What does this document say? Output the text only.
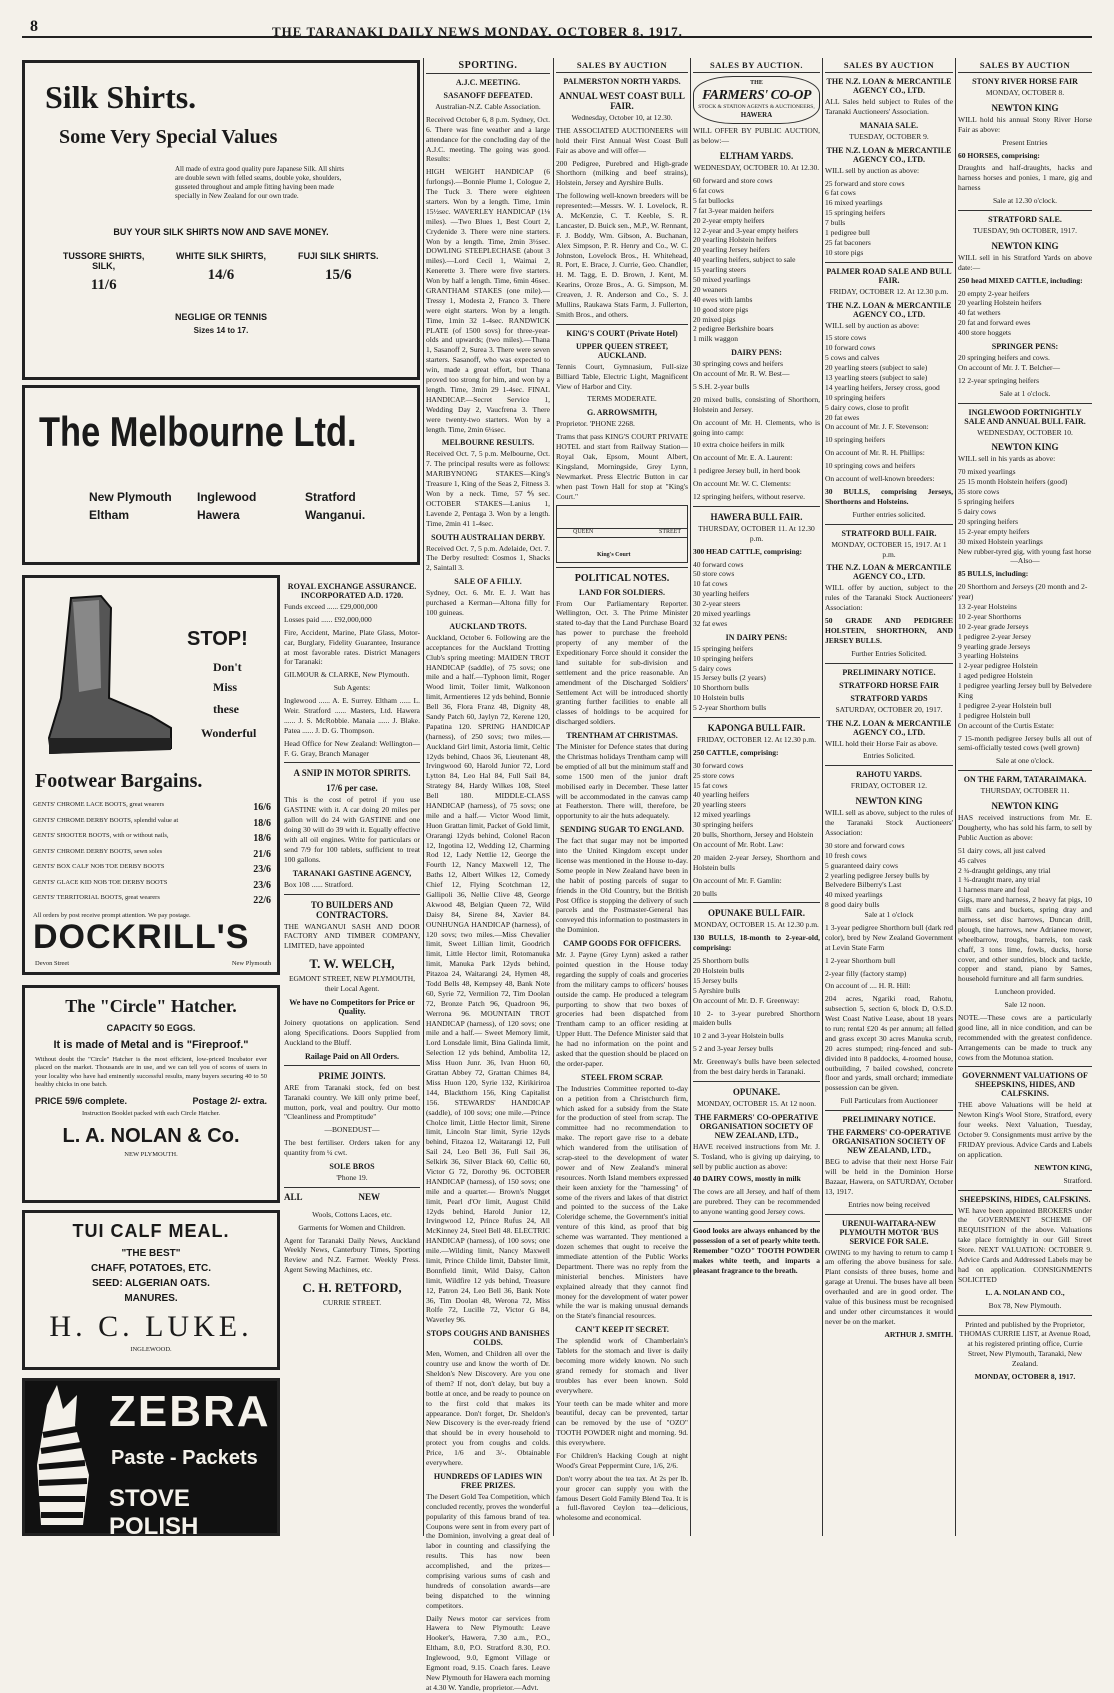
8	THE TARANAKI DAILY NEWS MONDAY, OCTOBER 8, 1917.
Silk Shirts.
Some Very Special Values
All made of extra good quality pure Japanese Silk. All shirts are double sewn with felled seams, double yoke, shoulders, gusseted throughout and ample fitting having been made specially in New Zealand for our own trade.
BUY YOUR SILK SHIRTS NOW AND SAVE MONEY.
TUSSORE SHIRTS, SILK,
11/6
WHITE SILK SHIRTS,
14/6
FUJI SILK SHIRTS.
15/6
NEGLIGE OR TENNIS
Sizes 14 to 17.
The Melbourne Ltd.
New Plymouth	Inglewood	Stratford
Eltham	Hawera	Wanganui.
STOP!
Don't
Miss
these
Wonderful
Footwear Bargains.
GENTS' CHROME LACE BOOTS, great wearers	16/6
GENTS' CHROME DERBY BOOTS, splendid value at	18/6
GENTS' SHOOTER BOOTS, with or without nails,	18/6
GENTS' CHROME DERBY BOOTS, sewn soles	21/6
GENTS' BOX CALF NOB TOE DERBY BOOTS	23/6
GENTS' GLACE KID NOB TOE DERBY BOOTS	23/6
GENTS' TERRITORIAL BOOTS, great wearers	22/6
All orders by post receive prompt attention. We pay postage.
DOCKRILL'S
Devon Street	New Plymouth
The "Circle" Hatcher.
CAPACITY 50 EGGS.
It is made of Metal and is "Fireproof."
Without doubt the "Circle" Hatcher is the most efficient, low-priced Incubator ever placed on the market. Thousands are in use, and we can tell you of scores of users in your locality who have had eminently successful results, many buyers securing 40 to 50 healthy chicks in one batch.
PRICE 59/6 complete.	Postage 2/- extra.
Instruction Booklet packed with each Circle Hatcher.
L. A. NOLAN & Co.
NEW PLYMOUTH.
TUI CALF MEAL.
"THE BEST"
CHAFF, POTATOES, ETC.
SEED: ALGERIAN OATS.
MANURES.
H. C. LUKE.
INGLEWOOD.
ZEBRA
Paste - Packets
STOVE POLISH
ROYAL EXCHANGE ASSURANCE. INCORPORATED A.D. 1720.

Funds exceed ...... £29,000,000

Losses paid ...... £92,000,000

Fire, Accident, Marine, Plate Glass, Motor-car, Burglary, Fidelity Guarantee, Insurance at most favorable rates. District Managers for Taranaki:

GILMOUR & CLARKE, New Plymouth.

Sub Agents:

Inglewood ...... A. E. Surrey. Eltham ...... L. Weir. Stratford ...... Masters, Ltd. Hawera ...... J. S. McRobbie. Manaia ...... J. Blake. Patea ...... J. D. G. Thompson.

Head Office for New Zealand: Wellington—F. G. Gray, Branch Manager

A SNIP IN MOTOR SPIRITS.
17/6 per case.

This is the cost of petrol if you use GASTINE with it. A car doing 20 miles per gallon will do 24 with GASTINE and one doing 30 will do 39 with it. Equally effective with all oil engines. Write for particulars or send 7/9 for 100 tablets, sufficient to treat 100 gallons.

TARANAKI GASTINE AGENCY,

Box 108 ...... Stratford.

TO BUILDERS AND CONTRACTORS.

THE WANGANUI SASH AND DOOR FACTORY AND TIMBER COMPANY, LIMITED, have appointed

T. W. WELCH,

EGMONT STREET, NEW PLYMOUTH, their Local Agent.

We have no Competitors for Price or Quality.

Joinery quotations on application. Send along Specifications. Doors Supplied from Auckland to the Bluff.

Railage Paid on All Orders.
PRIME JOINTS.

ARE from Taranaki stock, fed on best Taranaki country. We kill only prime beef, mutton, pork, veal and poultry. Our motto "Cleanliness and Promptitude"

—BONEDUST—

The best fertiliser. Orders taken for any quantity from ¼ cwt.

SOLE BROS

'Phone 19.

ALL	NEW

Wools, Cottons Laces, etc.

Garments for Women and Children.

Agent for Taranaki Daily News, Auckland Weekly News, Canterbury Times, Sporting Review and N.Z. Farmer. Weekly Press. Agent Sewing Machines, etc.

C. H. RETFORD,

CURRIE STREET.

SPORTING.
A.J.C. MEETING.
SASANOFF DEFEATED.

Australian-N.Z. Cable Association.

Received October 6, 8 p.m. Sydney, Oct. 6. There was fine weather and a large attendance for the concluding day of the A.J.C. meeting. The going was good. Results:

HIGH WEIGHT HANDICAP (6 furlongs).—Bonnie Plume 1, Cologue 2, The Tuck 3. There were eighteen starters. Won by a length. Time, 1min 15½sec. WAVERLEY HANDICAP (1⅛ miles). —Two Blues 1, Best Court 2, Crydenide 3. There were nine starters. Won by a length. Time, 2min 3½sec. DOWLING STEEPLECHASE (about 3 miles).—Lord Cecil 1, Waimai 2, Kenerette 3. There were five starters. Won by half a length. Time, 6min 46sec. GRANTHAM STAKES (one mile).— Tressy 1, Modesta 2, Franco 3. There were eight starters. Won by a length. Time, 1min 32 1-4sec. RANDWICK PLATE (of 1500 sovs) for three-year-olds and upwards; (two miles).—Thana 1, Sasanoff 2, Surea 3. There were seven starters. Sasanoff, who was expected to win, made a great effort, but Thana proved too strong for him, and won by a length. Time, 3min 29 1-4sec. FINAL HANDICAP.—Secret Service 1, Wedding Day 2, Vaucfrena 3. There were twenty-two starters. Won by a length. Time, 2min 6¼sec.

MELBOURNE RESULTS.

Received Oct. 7, 5 p.m. Melbourne, Oct. 7. The principal results were as follows: MARIBYNONG STAKES—King's Treasure 1, King of the Seas 2, Fitness 3. Won by a neck. Time, 57⅘sec. OCTOBER STAKES—Lanius 1, Lavende 2, Pentaga 3. Won by a length. Time, 2min 41 1-4sec.

SOUTH AUSTRALIAN DERBY.

Received Oct. 7, 5 p.m. Adelaide, Oct. 7. The Derby resulted: Cosmos 1, Shacks 2, Saintall 3.

SALE OF A FILLY.

Sydney, Oct. 6. Mr. E. J. Watt has purchased a Kerman—Altona filly for 100 guineas.

AUCKLAND TROTS.

Auckland, October 6. Following are the acceptances for the Auckland Trotting Club's spring meeting: MAIDEN TROT HANDICAP (saddle), of 75 sovs; one mile and a half.—Typhoon limit, Roger Wood limit, Toiler limit, Walkonoon limit, Armentieres 12 yds behind, Bonnie Bell 36, Flora Franz 48, Dignity 48, Sandy Patch 60, Jaylyn 72, Kerene 120, Papatina 120. SPRING HANDICAP (harness), of 250 sovs; two miles.—Auckland Girl limit, Astoria limit, Celtic 12yds behind, Chaos 36, Lieutenant 48, Irvingwood 60, Harold Junior 72, Lord Lytton 84, Leo Hal 84, Full Sail 84, Strategy 84, Hardy Wilkes 108, Steel Bell 180. MIDDLE-CLASS HANDICAP (harness), of 75 sovs; one mile and a half.— Victor Wood limit, Huon Grattan limit, Packet of Gold limit, Orarangi 12yds behind, Colonel Racon 12, Ingotina 12, Wedding 12, Charming Rod 12, Lady Nettlie 12, George the Fourth 12, Nancy Maxwell 12, The Baths 12, Albert Wilkes 12, Comedy Chief 12, Flying Scotchman 12, Gallipoli 36, Nellie Clive 48, George Akwood 48, Belgian Queen 72, Wild Daisy 84, Sirene 84, Xavier 84. OUNHUNGA HANDICAP (harness), of 120 sovs; two miles.—Miss Chevalier limit, Sweet Lillian limit, Goodrich limit, Little Hector limit, Rotomanuka limit, Manuka Park 12yds behind, Pitazoa 24, Waitarangi 24, Hymen 48, Todd Bells 48, Kempsey 48, Bank Note 60, Syrie 72, Vermilion 72, Tim Doolan 72, Bronze Patch 96, Quadroon 96, Werrona 96. MOUNTAIN TROT HANDICAP (harness), of 120 sovs; one mile and a half.— Sweet Memory limit, Lord Lonsdale limit, Bina Galinda limit, Selection 12 yds behind, Ambolita 12, Miss Huon Junr. 36, Ivan Huon 60, Grattan Abbey 72, Grattan Chimes 84, Miss Huon 120, Syrie 132, Kirikiriroa 144, Blackthorn 156, King Capitalist 156. STEWARDS' HANDICAP (saddle), of 100 sovs; one mile.—Prince Cholce limit, Little Hector limit, Sirene limit, Lincoln Star limit, Syrie 12yds behind, Fitazoa 12, Waitarangi 12, Full Sail 24, Leo Bell 36, Full Sail 36, Selkirk 36, Silver Black 60, Cellic 60, Victor G 72, Dorothy 96. OCTOBER HANDICAP (harness), of 150 sovs; one mile and a quarter.— Brown's Nugget limit, Pearl d'Or limit, August Child 12yds behind, Harold Junior 12, Irvingwood 12, Prince Rufus 24, All McKinney 24, Steel Bell 48. ELECTRIC HANDICAP (harness), of 100 sovs; one mile.—Wilding limit, Nancy Maxwell limit, Prince Childe limit, Dabster limit, Bonnfield limit, Wild Daisy, Calton limit, Wildfire 12 yds behind, Treasure 12, Patron 24, Leo Bell 36, Bank Note 36, Tim Doolan 48, Werona 72, Miss Rolfe 72, Lucille 72, Victor G 84, Waverley 96.

STOPS COUGHS AND BANISHES COLDS.

Men, Women, and Children all over the country use and know the worth of Dr. Sheldon's New Discovery. Are you one of them? If not, don't delay, but buy a bottle at once, and be ready to pounce on to the first cold that makes its appearance. Don't forget, Dr. Sheldon's New Discovery is the ever-ready friend that should be in every household to protect you from coughs and colds. Price, 1/6 and 3/-. Obtainable everywhere.

HUNDREDS OF LADIES WIN FREE PRIZES.

The Desert Gold Tea Competition, which concluded recently, proves the wonderful popularity of this famous brand of tea. Coupons were sent in from every part of the Dominion, involving a great deal of labor in counting and classifying the results. This has now been accomplished, and the prizes—comprising various sums of cash and hundreds of consolation awards—are being dispatched to the winning competitors.

Daily News motor car services from Hawera to New Plymouth: Leave Hooker's, Hawera, 7.30 a.m., P.O., Eltham, 8.0, P.O. Stratford 8.30, P.O. Inglewood, 9.0, Egmont Village or Egmont road, 9.15. Coach fares. Leave New Plymouth for Hawera each morning at 4.30 W. Yandle, proprietor.—Advt.

SALES BY AUCTION
PALMERSTON NORTH YARDS.
ANNUAL WEST COAST BULL FAIR.

Wednesday, October 10, at 12.30.

THE ASSOCIATED AUCTIONEERS will hold their First Annual West Coast Bull Fair as above and will offer—

200 Pedigree, Purebred and High-grade Shorthorn (milking and beef strains), Holstein, Jersey and Ayrshire Bulls.

The following well-known breeders will be represented:—Messrs. W. I. Lovelock, R. A. McKenzie, C. T. Keeble, S. R. Lancaster, D. Buick sen., M.P., W. Rennant, F. J. Boddy, Wm. Gibson, A. Buchanan, Alex Simpson, P. R. Henry and Co., W. C. Johnston, Lovelock Bros., H. Whitehead, R. Port, E. Brace, J. Currie, Geo. Chandler, H. M. Tagg, E. D. Brown, J. Kent, M. Kearins, Oroze Bros., A. G. Simpson, M. Creaven, J. R. Anderson and Co., S. J. Mullins, Raukawa Stats Farm, J. Fullerton, Smith Bros., and others.

KING'S COURT (Private Hotel)
UPPER QUEEN STREET, AUCKLAND.

Tennis Court, Gymnasium, Full-size Billiard Table, Electric Light, Magnificent View of Harbor and City.

TERMS MODERATE.

G. ARROWSMITH,

Proprietor. 'PHONE 2268.

Trams that pass KING'S COURT PRIVATE HOTEL and start from Railway Station—Royal Oak, Epsom, Mount Albert, Kingsland, Morningside, Grey Lynn, Newmarket. Press Electric Button in car when past Town Hall for stop at "King's Court."

QUEEN	STREET
King's Court
POLITICAL NOTES.
LAND FOR SOLDIERS.

From Our Parliamentary Reporter. Wellington, Oct. 3. The Prime Minister stated to-day that the Land Purchase Board has power to purchase the freehold property of any member of the Expeditionary Force should it consider the land suitable for sub-division and settlement and the price reasonable. An amendment of the Discharged Soldiers' Settlement Act will be introduced shortly granting further facilities to enable all classes of holdings to be acquired for discharged soldiers.

TRENTHAM AT CHRISTMAS.

The Minister for Defence states that during the Christmas holidays Trentham camp will be emptied of all but the minimum staff and some 1500 men of the junior draft mobilised early in December. These latter will be accommodated in the canvas camp at Featherston. There will, therefore, be opportunity to air the huts adequately.

SENDING SUGAR TO ENGLAND.

The fact that sugar may not be imported into the United Kingdom except under license was mentioned in the House to-day. Some people in New Zealand have been in the habit of posting parcels of sugar to friends in the Old Country, but the British Post Office is stopping the delivery of such parcels and the Postmaster-General has conveyed this information to postmasters in the Dominion.

CAMP GOODS FOR OFFICERS.

Mr. J. Payne (Grey Lynn) asked a rather pointed question in the House today regarding the supply of coals and groceries from the military camps to officers' houses outside the camp. He produced a telegram purporting to show that two boxes of groceries had been dispatched from Trentham camp to an officer residing at Upper Hutt. The Defence Minister said that he had no information on the point and asked that the question should be placed on the order-paper.

STEEL FROM SCRAP.

The Industries Committee reported to-day on a petition from a Christchurch firm, which asked for a subsidy from the State for the production of steel from scrap. The committee had no recommendation to make. The report gave rise to a debate which wandered from the utilisation of scrap-steel to the development of water power and of New Zealand's mineral resources. North Island members expressed their keen anxiety for the "harnessing" of some of the rivers and lakes of that district and pointed to the success of the Lake Coleridge scheme, the Government's initial venture of this kind, as proof that big scheme was warranted. They mentioned a dozen schemes that ought to receive the immediate attention of the Public Works Department. There was no reply from the ministerial benches. Ministers have explained already that they cannot find money for the development of water power while the war is making unusual demands on the State's financial resources.

CAN'T KEEP IT SECRET.

The splendid work of Chamberlain's Tablets for the stomach and liver is daily becoming more widely known. No such grand remedy for stomach and liver troubles has ever been known. Sold everywhere.

Your teeth can be made whiter and more beautiful, decay can be prevented, tartar can be removed by the use of "OZO" TOOTH POWDER night and morning. 9d. this everywhere.

For Children's Hacking Cough at night Wood's Great Peppermint Cure, 1/6, 2/6.

Don't worry about the tea tax. At 2s per lb. your grocer can supply you with the famous Desert Gold Family Blend Tea. It is a full-flavored Ceylon tea—delicious, wholesome and economical.

SALES BY AUCTION.
THE
FARMERS' CO-OP
STOCK & STATION AGENTS & AUCTIONEERS,
HAWERA

WILL OFFER BY PUBLIC AUCTION, as below:—

ELTHAM YARDS.

WEDNESDAY, OCTOBER 10. At 12.30.

60 forward and store cows
6 fat cows
5 fat bullocks
7 fat 3-year maiden heifers
20 2-year empty heifers
12 2-year and 3-year empty heifers
20 yearling Holstein heifers
20 yearling Jersey heifers
40 yearling heifers, subject to sale
15 yearling steers
50 mixed yearlings
20 weaners
40 ewes with lambs
10 good store pigs
20 mixed pigs
2 pedigree Berkshire boars
1 milk waggon
DAIRY PENS:
30 springing cows and heifers

On account of Mr. R. W. Best—

5 S.H. 2-year bulls

20 mixed bulls, consisting of Shorthorn, Holstein and Jersey.

On account of Mr. H. Clements, who is going into camp:

10 extra choice heifers in milk

On account of Mr. E. A. Laurent:

1 pedigree Jersey bull, in herd book

On account Mr. W. C. Clements:

12 springing heifers, without reserve.

HAWERA BULL FAIR.

THURSDAY, OCTOBER 11. At 12.30 p.m.

300 HEAD CATTLE, comprising:

40 forward cows
50 store cows
10 fat cows
30 yearling heifers
30 2-year steers
20 mixed yearlings
32 fat ewes
IN DAIRY PENS:
15 springing heifers
10 springing heifers
5 dairy cows
15 Jersey bulls (2 years)
10 Shorthorn bulls
10 Holstein bulls
5 2-year Shorthorn bulls
KAPONGA BULL FAIR.

FRIDAY, OCTOBER 12. At 12.30 p.m.

250 CATTLE, comprising:

30 forward cows
25 store cows
15 fat cows
40 yearling heifers
20 yearling steers
12 mixed yearlings
30 springing heifers
20 bulls, Shorthorn, Jersey and Holstein

On account of Mr. Robt. Law:

20 maiden 2-year Jersey, Shorthorn and Holstein bulls

On account of Mr. F. Gamlin:

20 bulls

OPUNAKE BULL FAIR.

MONDAY, OCTOBER 15. At 12.30 p.m.

130 BULLS, 18-month to 2-year-old, comprising:

25 Shorthorn bulls
20 Holstein bulls
15 Jersey bulls
5 Ayrshire bulls

On account of Mr. D. F. Greenway:

10 2- to 3-year purebred Shorthorn maiden bulls

10 2 and 3-year Holstein bulls

5 2 and 3-year Jersey bulls

Mr. Greenway's bulls have been selected from the best dairy herds in Taranaki.

OPUNAKE.

MONDAY, OCTOBER 15. At 12 noon.

THE FARMERS' CO-OPERATIVE ORGANISATION SOCIETY OF NEW ZEALAND, LTD.,

HAVE received instructions from Mr. J. S. Tosland, who is giving up dairying, to sell by public auction as above:

40 DAIRY COWS, mostly in milk

The cows are all Jersey, and half of them are purebred. They can be recommended to anyone wanting good Jersey cows.

Good looks are always enhanced by the possession of a set of pearly white teeth. Remember "OZO" TOOTH POWDER makes white teeth, and imparts a pleasant fragrance to the breath.

SALES BY AUCTION
THE N.Z. LOAN & MERCANTILE AGENCY CO., LTD.

ALL Sales held subject to Rules of the Taranaki Auctioneers' Association.

MANAIA SALE.

TUESDAY, OCTOBER 9.

THE N.Z. LOAN & MERCANTILE AGENCY CO., LTD.

WILL sell by auction as above:

25 forward and store cows
6 fat cows
16 mixed yearlings
15 springing heifers
7 bulls
1 pedigree bull
25 fat baconers
10 store pigs
PALMER ROAD SALE AND BULL FAIR.

FRIDAY, OCTOBER 12. At 12.30 p.m.

THE N.Z. LOAN & MERCANTILE AGENCY CO., LTD.

WILL sell by auction as above:

15 store cows
10 forward cows
5 cows and calves
20 yearling steers (subject to sale)
13 yearling steers (subject to sale)
14 yearling heifers, Jersey cross, good
10 springing heifers
5 dairy cows, close to profit
20 fat ewes

On account of Mr. J. F. Stevenson:

10 springing heifers

On account of Mr. R. H. Phillips:

10 springing cows and heifers

On account of well-known breeders:

30 BULLS, comprising Jerseys, Shorthorns and Holsteins.

Further entries solicited.

STRATFORD BULL FAIR.

MONDAY, OCTOBER 15, 1917. At 1 p.m.

THE N.Z. LOAN & MERCANTILE AGENCY CO., LTD.

WILL offer by auction, subject to the rules of the Taranaki Stock Auctioneers' Association:

50 GRADE AND PEDIGREE HOLSTEIN, SHORTHORN, AND JERSEY BULLS.

Further Entries Solicited.

PRELIMINARY NOTICE.
STRATFORD HORSE FAIR
STRATFORD YARDS

SATURDAY, OCTOBER 20, 1917.

THE N.Z. LOAN & MERCANTILE AGENCY CO., LTD.

WILL hold their Horse Fair as above.

Entries Solicited.

RAHOTU YARDS.

FRIDAY, OCTOBER 12.

NEWTON KING

WILL sell as above, subject to the rules of the Taranaki Stock Auctioneers' Association:

30 store and forward cows
10 fresh cows
5 guaranteed dairy cows
2 yearling pedigree Jersey bulls by Belvedere Bilberry's Last
40 mixed yearlings
8 good dairy bulls

Sale at 1 o'clock

1 3-year pedigree Shorthorn bull (dark red color), bred by New Zealand Government at Levin State Farm

1 2-year Shorthorn bull

2-year filly (factory stamp)

On account of .... H. R. Hill:

204 acres, Ngariki road, Rahotu, subsection 5, section 6, block D, O.S.D. West Coast Native Lease, about 18 years to run; rental £20 4s per annum; all felled and grass except 30 acres Manuka scrub, 20 acres stumped; ring-fenced and sub-divided into 8 paddocks, 4-roomed house, outbuilding, 7 bailed cowshed, concrete floor and yards, small orchard; immediate possession can be given.

Full Particulars from Auctioneer

PRELIMINARY NOTICE.
THE FARMERS' CO-OPERATIVE ORGANISATION SOCIETY OF NEW ZEALAND, LTD.,

BEG to advise that their next Horse Fair will be held in the Dominion Horse Bazaar, Hawera, on SATURDAY, October 13, 1917.

Entries now being received

URENUI-WAITARA-NEW PLYMOUTH MOTOR 'BUS SERVICE FOR SALE.

OWING to my having to return to camp I am offering the above business for sale. Plant consists of three buses, home and garage at Urenui. The buses have all been overhauled and are in good order. The value of this business must be recognised and under other circumstances it would never be on the market.

ARTHUR J. SMITH.

SALES BY AUCTION
STONY RIVER HORSE FAIR

MONDAY, OCTOBER 8.

NEWTON KING

WILL hold his annual Stony River Horse Fair as above:

Present Entries

60 HORSES, comprising:

Draughts and half-draughts, hacks and harness horses and ponies, 1 mare, gig and harness

Sale at 12.30 o'clock.

STRATFORD SALE.

TUESDAY, 9th OCTOBER, 1917.

NEWTON KING

WILL sell in his Stratford Yards on above date:—

250 head MIXED CATTLE, including:

20 empty 2-year heifers
20 yearling Holstein heifers
40 fat wethers
20 fat and forward ewes
400 store hoggets
SPRINGER PENS:
20 springing heifers and cows.

On account of Mr. J. T. Belcher—

12 2-year springing heifers

Sale at 1 o'clock.

INGLEWOOD FORTNIGHTLY SALE AND ANNUAL BULL FAIR.

WEDNESDAY, OCTOBER 10.

NEWTON KING

WILL sell in his yards as above:

70 mixed yearlings
25 15 month Holstein heifers (good)
35 store cows
5 springing heifers
5 dairy cows
20 springing heifers
15 2-year empty heifers
30 mixed Holstein yearlings
New rubber-tyred gig, with young fast horse

—Also—

85 BULLS, including:

20 Shorthorn and Jerseys (20 month and 2-year)
13 2-year Holsteins
10 2-year Shorthorns
10 2-year grade Jerseys
1 pedigree 2-year Jersey
9 yearling grade Jerseys
3 yearling Holsteins
1 2-year pedigree Holstein
1 aged pedigree Holstein
1 pedigree yearling Jersey bull by Belvedere King
1 pedigree 2-year Holstein bull
1 pedigree Holstein bull

On account of the Curtis Estate:

7 15-month pedigree Jersey bulls all out of semi-officially tested cows (well grown)

Sale at one o'clock.

ON THE FARM, TATARAIMAKA.

THURSDAY, OCTOBER 11.

NEWTON KING

HAS received instructions from Mr. E. Dougherty, who has sold his farm, to sell by Public Auction as above:

51 dairy cows, all just calved
45 calves
2 ¾-draught geldings, any trial
1 ¾-draught mare, any trial
1 harness mare and foal

Gigs, mare and harness, 2 heavy fat pigs, 10 milk cans and buckets, spring dray and harness, set disc harrows, Duncan drill, plough, tine harrows, new Adrianee mower, wheelbarrow, troughs, barrels, ton cask chaff, 3 tons lime, fowls, ducks, horse cover, and other sundries, block and tackle, copper and stand, piano by Sames, household furniture and all farm sundries.

Luncheon provided.

Sale 12 noon.

NOTE.—These cows are a particularly good line, all in nice condition, and can be recommended with the greatest confidence. Arrangements can be made to truck any cows from the Motunoa station.

GOVERNMENT VALUATIONS OF SHEEPSKINS, HIDES, AND CALFSKINS.

THE above Valuations will be held at Newton King's Wool Store, Stratford, every four weeks. Next Valuation, Tuesday, October 9. Consignments must arrive by the FRIDAY previous. Advice Cards and Labels on application.

NEWTON KING,

Stratford.

SHEEPSKINS, HIDES, CALFSKINS.

WE have been appointed BROKERS under the GOVERNMENT SCHEME OF REQUISITION of the above. Valuations take place fortnightly in our Gill Street Store. NEXT VALUATION: OCTOBER 9. Advice Cards and Addressed Labels may be had on application. CONSIGNMENTS SOLICITED

L. A. NOLAN AND CO.,

Box 78, New Plymouth.

Printed and published by the Proprietor, THOMAS CURRIE LIST, at Avenue Road, at his registered printing office, Currie Street, New Plymouth, Taranaki, New Zealand.

MONDAY, OCTOBER 8, 1917.
